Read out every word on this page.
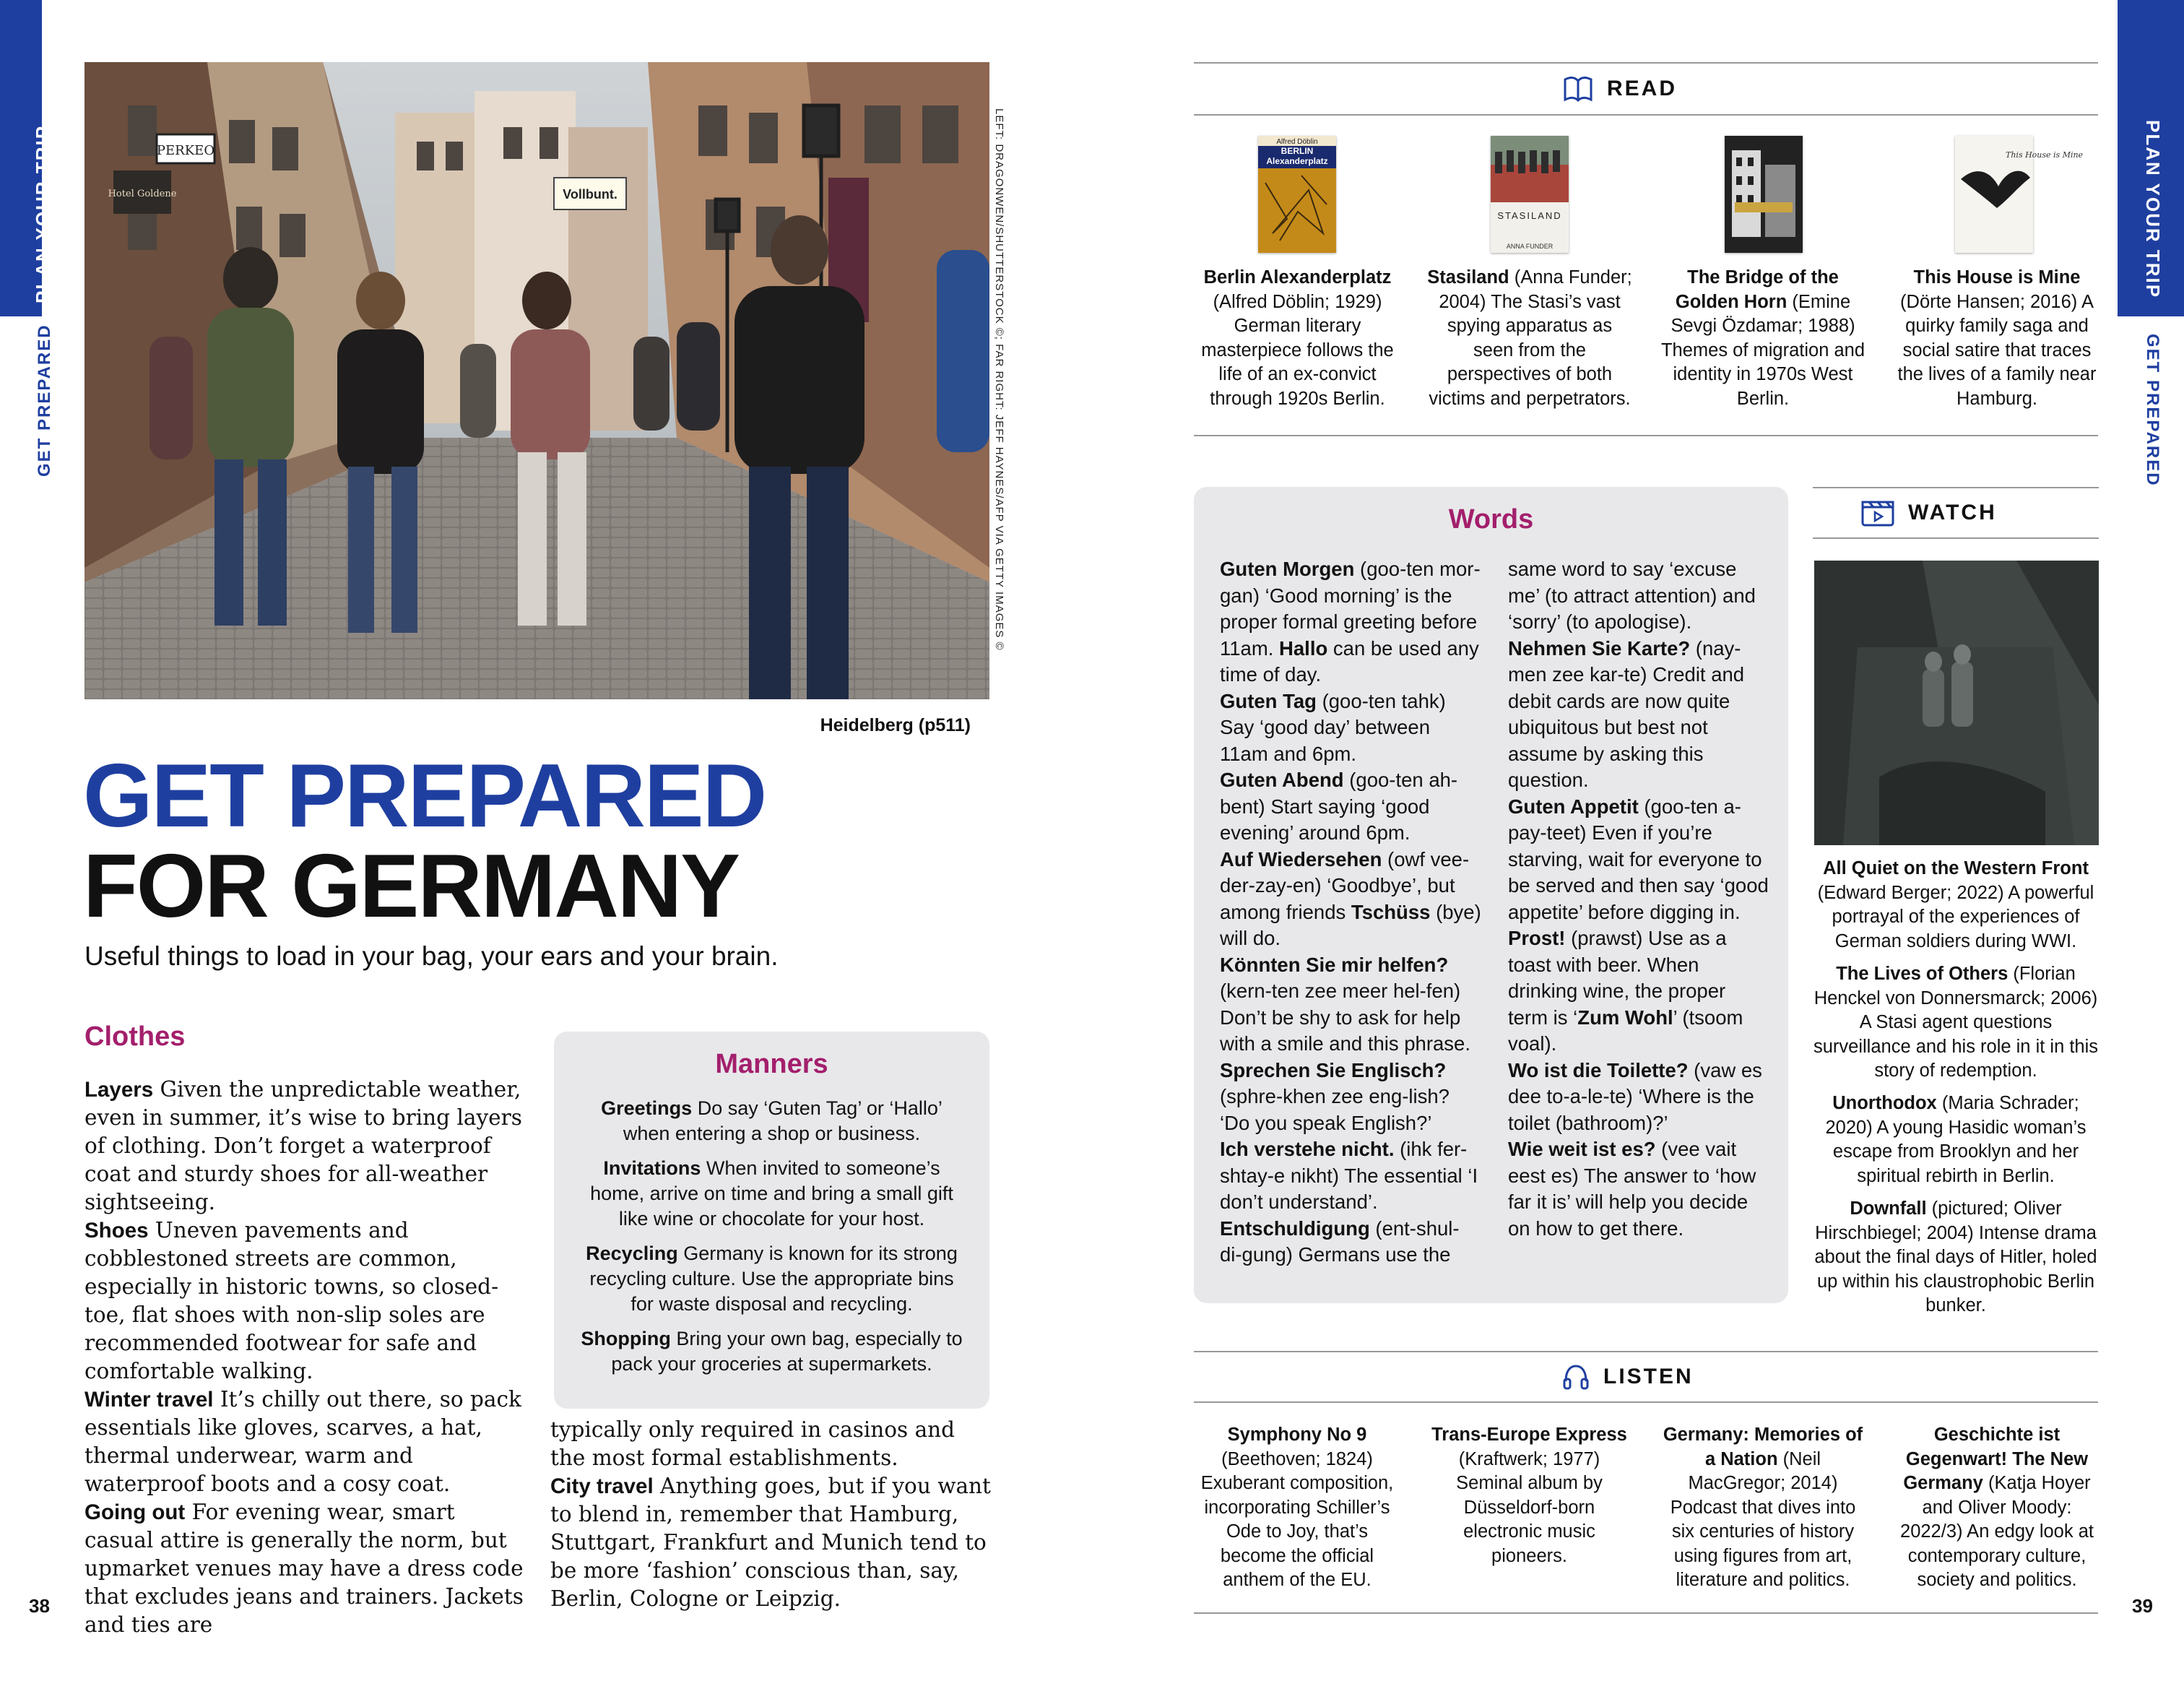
PLAN YOUR TRIP
GET PREPARED
PLAN YOUR TRIP
GET PREPARED
PERKEO
Hotel Goldene	Vollbunt.	LEFT: DRAGONWEN/SHUTTERSTOCK ©; FAR RIGHT: JEFF HAYNES/AFP VIA GETTY IMAGES ©
Heidelberg (p511)
GET PREPARED
FOR GERMANY
Useful things to load in your bag, your ears and your brain.
Clothes

Layers Given the unpredictable weather, even in summer, it’s wise to bring layers of clothing. Don’t forget a waterproof coat and sturdy shoes for all-weather sightseeing.

Shoes Uneven pavements and cobblestoned streets are common, especially in historic towns, so closed-toe, flat shoes with non-slip soles are recommended footwear for safe and comfortable walking.

Winter travel It’s chilly out there, so pack essentials like gloves, scarves, a hat, thermal underwear, warm and waterproof boots and a cosy coat.

Going out For evening wear, smart casual attire is generally the norm, but upmarket venues may have a dress code that excludes jeans and trainers. Jackets and ties are

typically only required in casinos and the most formal establishments.

City travel Anything goes, but if you want to blend in, remember that Hamburg, Stuttgart, Frankfurt and Munich tend to be more ‘fashion’ conscious than, say, Berlin, Cologne or Leipzig.

Manners
Greetings Do say ‘Guten Tag’ or ‘Hallo’ when entering a shop or business.
Invitations When invited to someone’s home, arrive on time and bring a small gift like wine or chocolate for your host.
Recycling Germany is known for its strong recycling culture. Use the appropriate bins for waste disposal and recycling.
Shopping Bring your own bag, especially to pack your groceries at supermarkets.
38	39
READ
Alfred Döblin
BERLIN
Alexanderplatz
STASILAND
ANNA FUNDER
This House is Mine
Berlin Alexanderplatz
(Alfred Döblin; 1929) German literary masterpiece follows the life of an ex-convict through 1920s Berlin.
Stasiland (Anna Funder; 2004) The Stasi’s vast spying apparatus as seen from the perspectives of both victims and perpetrators.
The Bridge of the Golden Horn (Emine Sevgi Özdamar; 1988) Themes of migration and identity in 1970s West Berlin.
This House is Mine (Dörte Hansen; 2016) A quirky family saga and social satire that traces the lives of a family near Hamburg.
Words
Guten Morgen (goo-ten mor-gan) ‘Good morning’ is the proper formal greeting before 11am. Hallo can be used any time of day.
Guten Tag (goo-ten tahk) Say ‘good day’ between 11am and 6pm.
Guten Abend (goo-ten ah-bent) Start saying ‘good evening’ around 6pm.
Auf Wiedersehen (owf vee-der-zay-en) ‘Goodbye’, but among friends Tschüss (bye) will do.
Könnten Sie mir helfen? (kern-ten zee meer hel-fen) Don’t be shy to ask for help with a smile and this phrase.
Sprechen Sie Englisch? (sphre-khen zee eng-lish? ‘Do you speak English?’
Ich verstehe nicht. (ihk fer-shtay-e nikht) The essential ‘I don’t understand’.
Entschuldigung (ent-shul-di-gung) Germans use the
same word to say ‘excuse me’ (to attract attention) and ‘sorry’ (to apologise).
Nehmen Sie Karte? (nay-men zee kar-te) Credit and debit cards are now quite ubiquitous but best not assume by asking this question.
Guten Appetit (goo-ten a-pay-teet) Even if you’re starving, wait for everyone to be served and then say ‘good appetite’ before digging in.
Prost! (prawst) Use as a toast with beer. When drinking wine, the proper term is ‘Zum Wohl’ (tsoom voal).
Wo ist die Toilette? (vaw es dee to-a-le-te) ‘Where is the toilet (bathroom)?’
Wie weit ist es? (vee vait eest es) The answer to ‘how far it is’ will help you decide on how to get there.
WATCH
All Quiet on the Western Front
(Edward Berger; 2022) A powerful portrayal of the experiences of German soldiers during WWI.
The Lives of Others (Florian Henckel von Donnersmarck; 2006) A Stasi agent questions surveillance and his role in it in this story of redemption.
Unorthodox (Maria Schrader; 2020) A young Hasidic woman’s escape from Brooklyn and her spiritual rebirth in Berlin.
Downfall (pictured; Oliver Hirschbiegel; 2004) Intense drama about the final days of Hitler, holed up within his claustrophobic Berlin bunker.
LISTEN
Symphony No 9
(Beethoven; 1824) Exuberant composition, incorporating Schiller’s Ode to Joy, that’s become the official anthem of the EU.
Trans-Europe Express (Kraftwerk; 1977) Seminal album by Düsseldorf-born electronic music pioneers.
Germany: Memories of a Nation (Neil MacGregor; 2014) Podcast that dives into six centuries of history using figures from art, literature and politics.
Geschichte ist Gegenwart! The New Germany (Katja Hoyer and Oliver Moody: 2022/3) An edgy look at contemporary culture, society and politics.
